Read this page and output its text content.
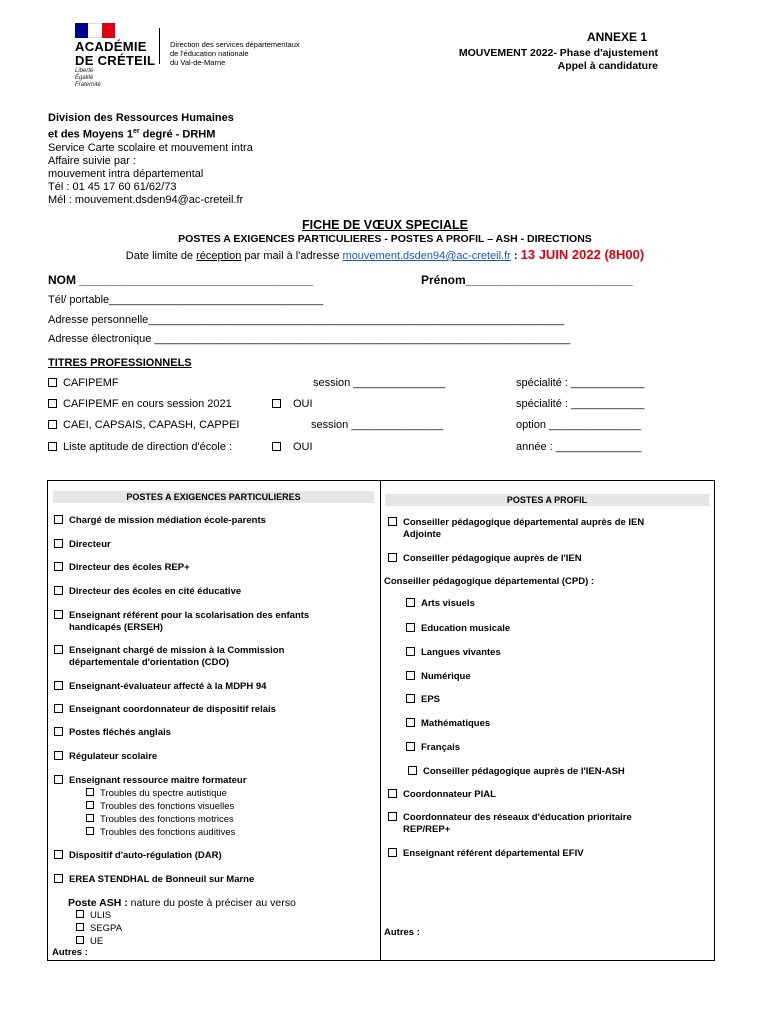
ACADÉMIE
DE CRÉTEIL
Liberté
Égalité
Fraternité
Direction des services départementaux
de l'éducation nationale
du Val-de-Marne
ANNEXE 1
MOUVEMENT 2022- Phase d'ajustement
Appel à candidature
Division des Ressources Humaines
et des Moyens 1er degré - DRHM
Service Carte scolaire et mouvement intra
Affaire suivie par :
mouvement intra départemental
Tél : 01 45 17 60 61/62/73
Mél : mouvement.dsden94@ac-creteil.fr
FICHE DE VŒUX SPECIALE
POSTES A EXIGENCES PARTICULIERES - POSTES A PROFIL – ASH - DIRECTIONS
Date limite de réception par mail à l'adresse mouvement.dsden94@ac-creteil.fr : 13 JUIN 2022 (8H00)
NOM ___________________________________	Prénom_________________________
Tél/ portable___________________________________
Adresse personnelle____________________________________________________________________
Adresse électronique ____________________________________________________________________
TITRES PROFESSIONNELS
CAFIPEMF	session _______________	spécialité : ____________
CAFIPEMF en cours session 2021	OUI	spécialité : ____________
CAEI, CAPSAIS, CAPASH, CAPPEI	session _______________	option _______________
Liste aptitude de direction d'école :	OUI	année : ______________
POSTES A EXIGENCES PARTICULIERES	POSTES A PROFIL
Chargé de mission médiation école-parents
Directeur
Directeur des écoles REP+
Directeur des écoles en cité éducative
Enseignant référent pour la scolarisation des enfants
handicapés (ERSEH)
Enseignant chargé de mission à la Commission
départementale d'orientation (CDO)
Enseignant-évaluateur affecté à la MDPH 94
Enseignant coordonnateur de dispositif relais
Postes fléchés anglais
Régulateur scolaire
Enseignant ressource maitre formateur
Troubles du spectre autistique
Troubles des fonctions visuelles
Troubles des fonctions motrices
Troubles des fonctions auditives
Dispositif d'auto-régulation (DAR)
EREA STENDHAL de Bonneuil sur Marne
Poste ASH : nature du poste à préciser au verso
ULIS
SEGPA
UE
Autres :
Conseiller pédagogique départemental auprès de IEN
Adjointe
Conseiller pédagogique auprès de l'IEN
Conseiller pédagogique départemental (CPD) :
Arts visuels
Education musicale
Langues vivantes
Numérique
EPS
Mathématiques
Français
Conseiller pédagogique auprès de l'IEN-ASH
Coordonnateur PIAL
Coordonnateur des réseaux d'éducation prioritaire
REP/REP+
Enseignant référent départemental EFIV
Autres :
